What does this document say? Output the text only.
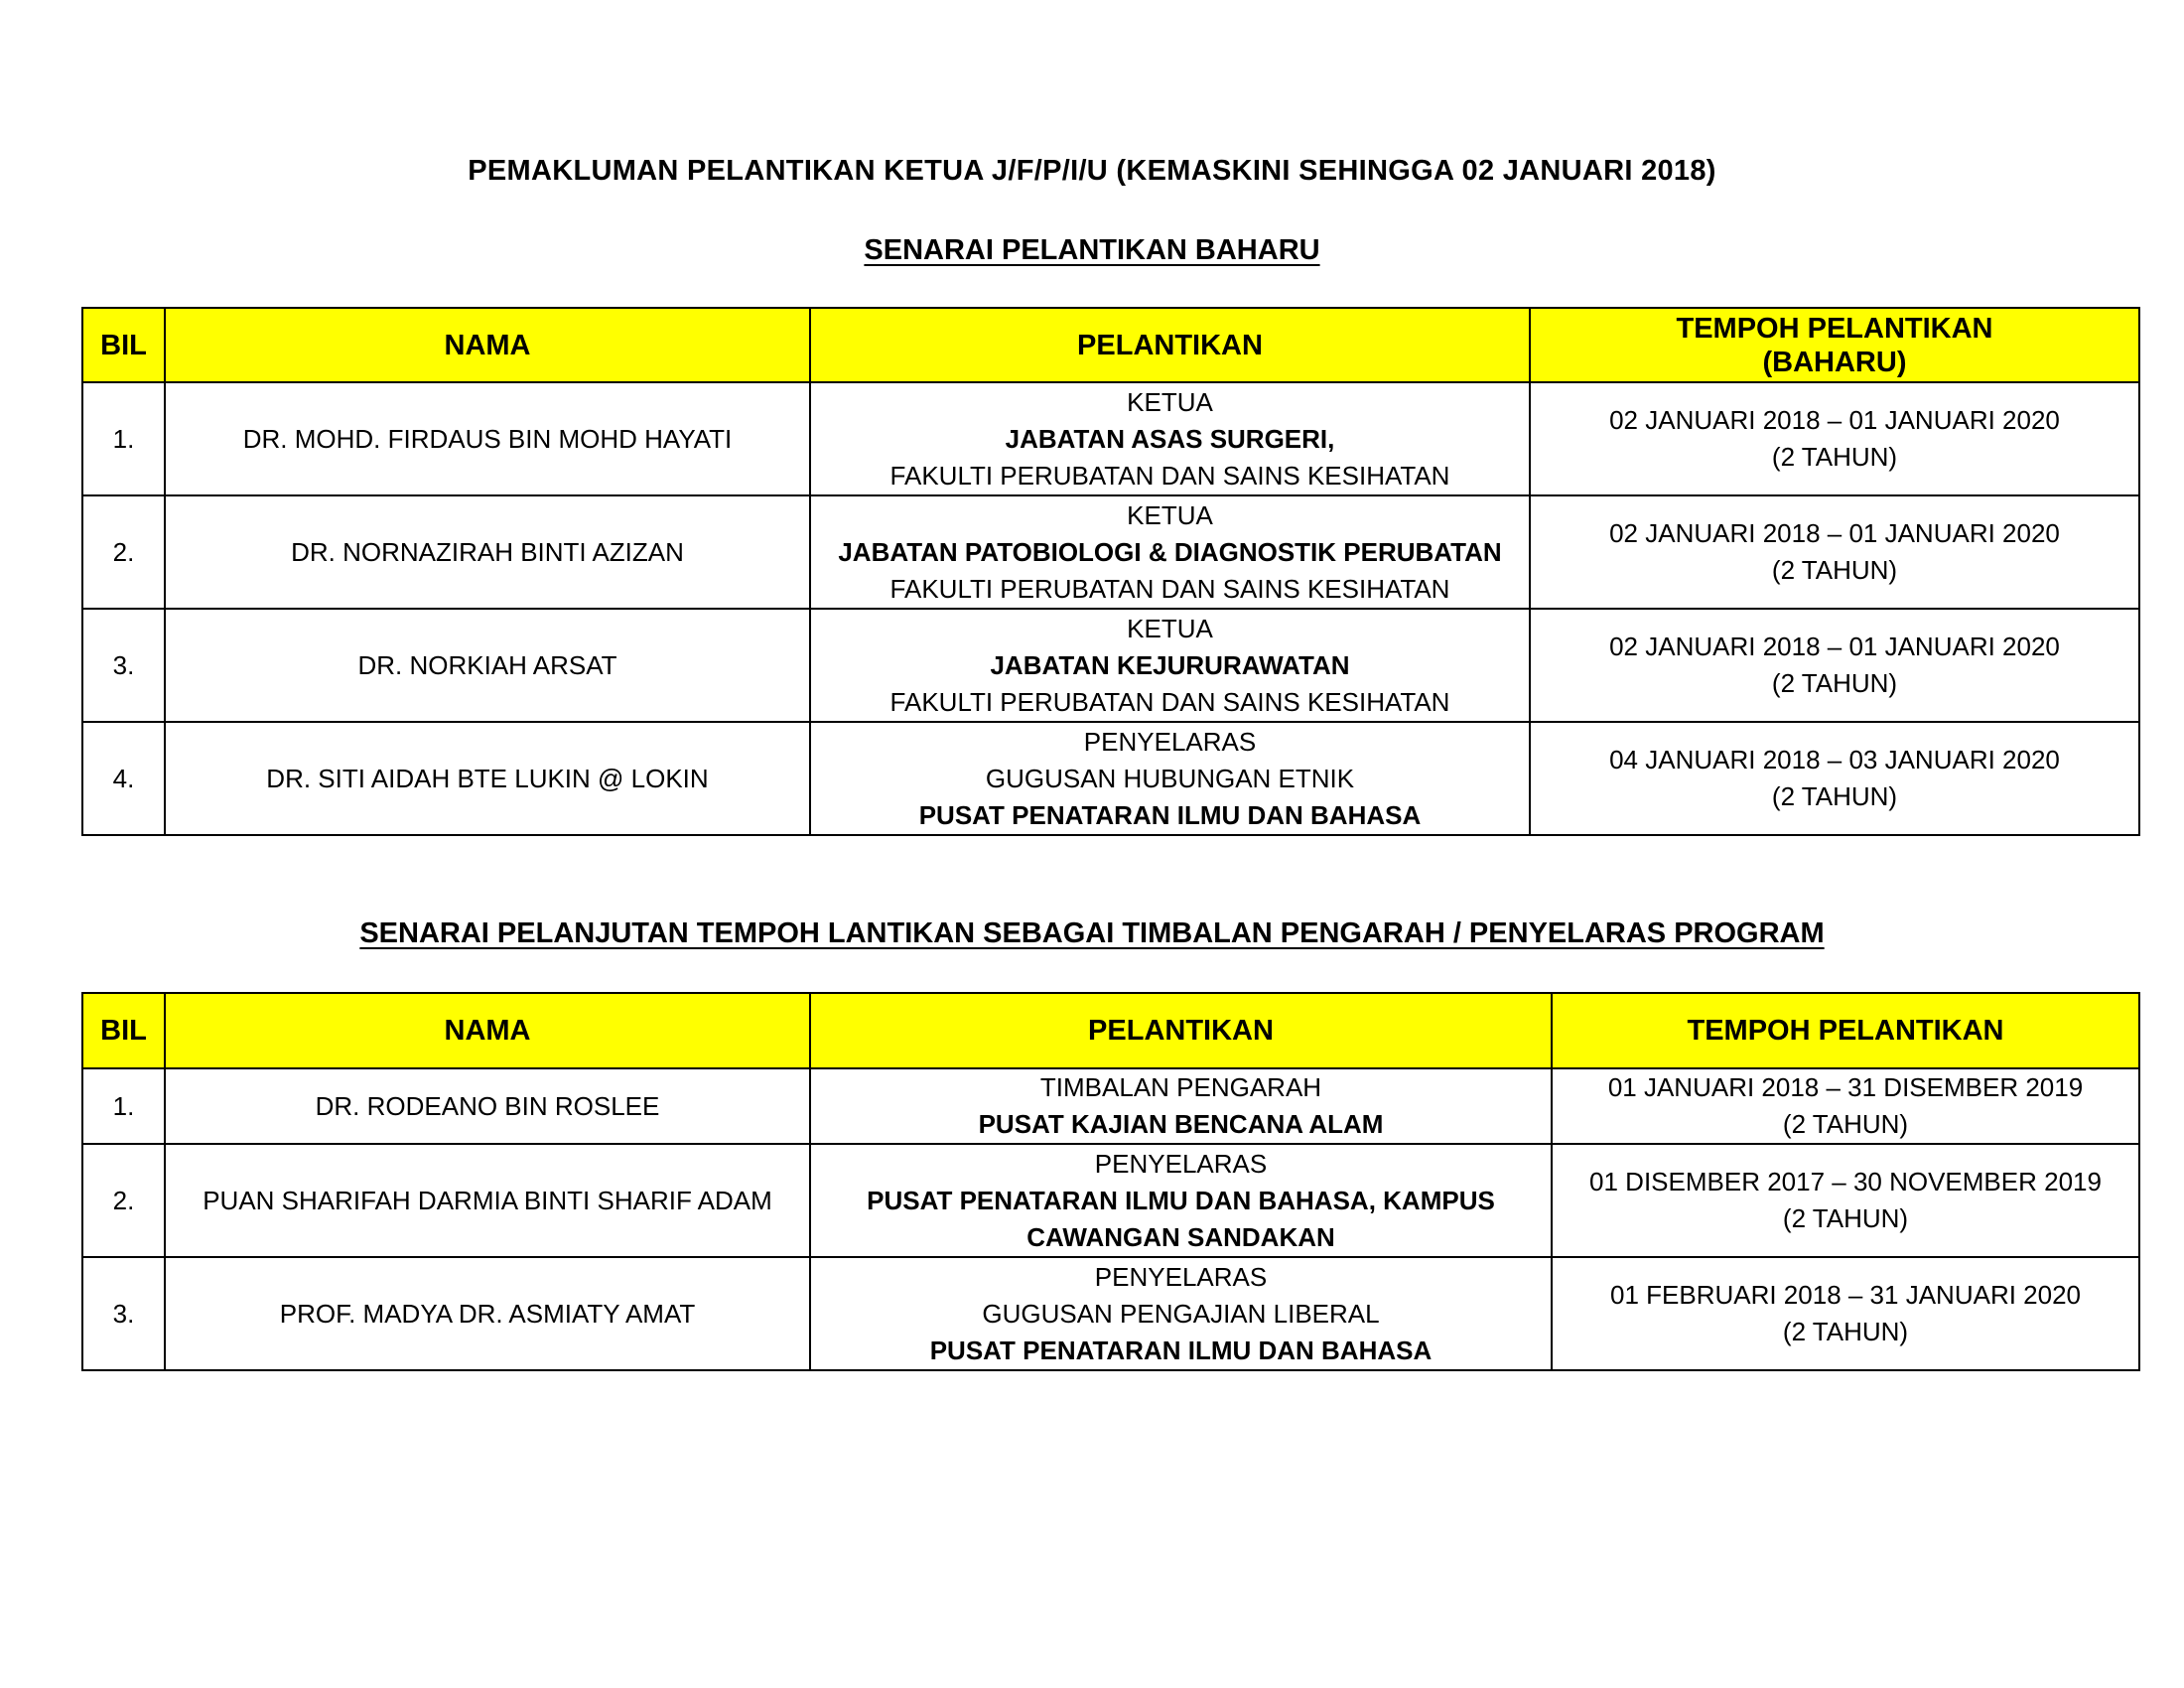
PEMAKLUMAN PELANTIKAN KETUA J/F/P/I/U (KEMASKINI SEHINGGA 02 JANUARI 2018)
SENARAI PELANTIKAN BAHARU
BIL	NAMA	PELANTIKAN	TEMPOH PELANTIKAN
(BAHARU)

1.	DR. MOHD. FIRDAUS BIN MOHD HAYATI	KETUA
JABATAN ASAS SURGERI,
FAKULTI PERUBATAN DAN SAINS KESIHATAN	02 JANUARI 2018 – 01 JANUARI 2020
(2 TAHUN)

2.	DR. NORNAZIRAH BINTI AZIZAN	KETUA
JABATAN PATOBIOLOGI & DIAGNOSTIK PERUBATAN
FAKULTI PERUBATAN DAN SAINS KESIHATAN	02 JANUARI 2018 – 01 JANUARI 2020
(2 TAHUN)

3.	DR. NORKIAH ARSAT	KETUA
JABATAN KEJURURAWATAN
FAKULTI PERUBATAN DAN SAINS KESIHATAN	02 JANUARI 2018 – 01 JANUARI 2020
(2 TAHUN)

4.	DR. SITI AIDAH BTE LUKIN @ LOKIN	PENYELARAS
GUGUSAN HUBUNGAN ETNIK
PUSAT PENATARAN ILMU DAN BAHASA	04 JANUARI 2018 – 03 JANUARI 2020
(2 TAHUN)
SENARAI PELANJUTAN TEMPOH LANTIKAN SEBAGAI TIMBALAN PENGARAH / PENYELARAS PROGRAM
BIL	NAMA	PELANTIKAN	TEMPOH PELANTIKAN
1.	DR. RODEANO BIN ROSLEE	TIMBALAN PENGARAH
PUSAT KAJIAN BENCANA ALAM	01 JANUARI 2018 – 31 DISEMBER 2019
(2 TAHUN)

2.	PUAN SHARIFAH DARMIA BINTI SHARIF ADAM	PENYELARAS
PUSAT PENATARAN ILMU DAN BAHASA, KAMPUS
CAWANGAN SANDAKAN	01 DISEMBER 2017 – 30 NOVEMBER 2019
(2 TAHUN)

3.	PROF. MADYA DR. ASMIATY AMAT	PENYELARAS
GUGUSAN PENGAJIAN LIBERAL
PUSAT PENATARAN ILMU DAN BAHASA	01 FEBRUARI 2018 – 31 JANUARI 2020
(2 TAHUN)
